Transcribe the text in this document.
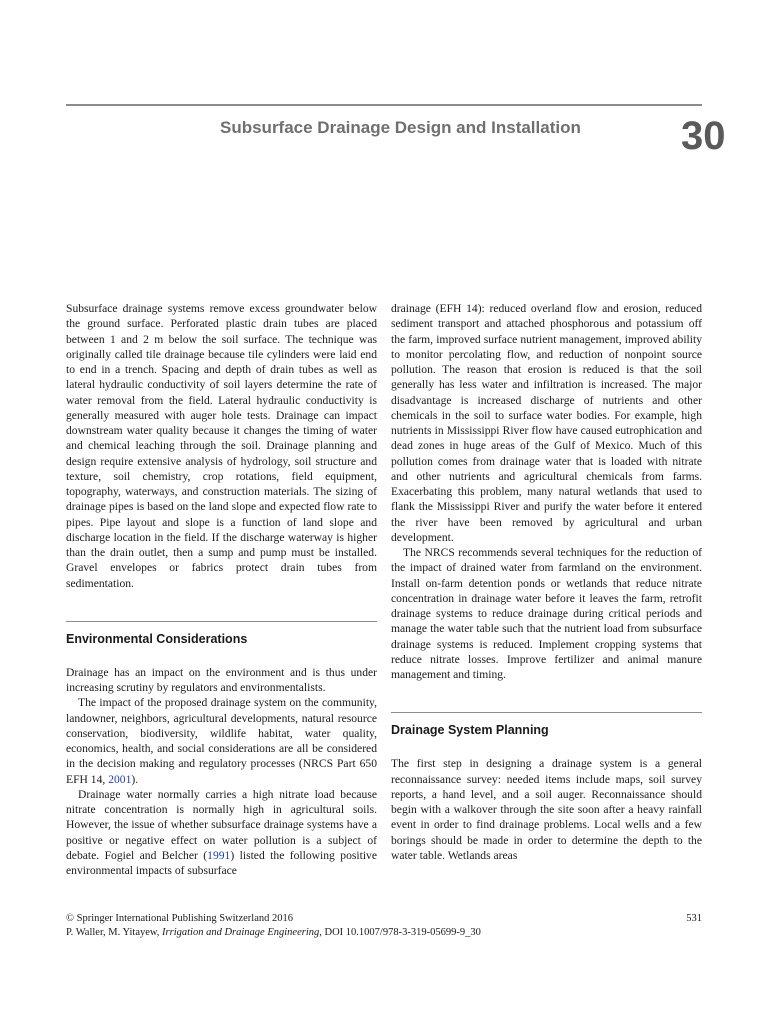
Subsurface Drainage Design and Installation	30

Subsurface drainage systems remove excess groundwater below the ground surface. Perforated plastic drain tubes are placed between 1 and 2 m below the soil surface. The technique was originally called tile drainage because tile cylinders were laid end to end in a trench. Spacing and depth of drain tubes as well as lateral hydraulic conductivity of soil layers determine the rate of water removal from the field. Lateral hydraulic conductivity is generally measured with auger hole tests. Drainage can impact downstream water quality because it changes the timing of water and chemical leaching through the soil. Drainage planning and design require extensive analysis of hydrology, soil structure and texture, soil chemistry, crop rotations, field equipment, topography, waterways, and construction materials. The sizing of drainage pipes is based on the land slope and expected flow rate to pipes. Pipe layout and slope is a function of land slope and discharge location in the field. If the discharge waterway is higher than the drain outlet, then a sump and pump must be installed. Gravel envelopes or fabrics protect drain tubes from sedimentation.

Environmental Considerations

Drainage has an impact on the environment and is thus under increasing scrutiny by regulators and environmentalists.

The impact of the proposed drainage system on the community, landowner, neighbors, agricultural developments, natural resource conservation, biodiversity, wildlife habitat, water quality, economics, health, and social considerations are all be considered in the decision making and regulatory processes (NRCS Part 650 EFH 14, 2001).

Drainage water normally carries a high nitrate load because nitrate concentration is normally high in agricultural soils. However, the issue of whether subsurface drainage systems have a positive or negative effect on water pollution is a subject of debate. Fogiel and Belcher (1991) listed the following positive environmental impacts of subsurface

drainage (EFH 14): reduced overland flow and erosion, reduced sediment transport and attached phosphorous and potassium off the farm, improved surface nutrient management, improved ability to monitor percolating flow, and reduction of nonpoint source pollution. The reason that erosion is reduced is that the soil generally has less water and infiltration is increased. The major disadvantage is increased discharge of nutrients and other chemicals in the soil to surface water bodies. For example, high nutrients in Mississippi River flow have caused eutrophication and dead zones in huge areas of the Gulf of Mexico. Much of this pollution comes from drainage water that is loaded with nitrate and other nutrients and agricultural chemicals from farms. Exacerbating this problem, many natural wetlands that used to flank the Mississippi River and purify the water before it entered the river have been removed by agricultural and urban development.

The NRCS recommends several techniques for the reduction of the impact of drained water from farmland on the environment. Install on-farm detention ponds or wetlands that reduce nitrate concentration in drainage water before it leaves the farm, retrofit drainage systems to reduce drainage during critical periods and manage the water table such that the nutrient load from subsurface drainage systems is reduced. Implement cropping systems that reduce nitrate losses. Improve fertilizer and animal manure management and timing.

Drainage System Planning

The first step in designing a drainage system is a general reconnaissance survey: needed items include maps, soil survey reports, a hand level, and a soil auger. Reconnaissance should begin with a walkover through the site soon after a heavy rainfall event in order to find drainage problems. Local wells and a few borings should be made in order to determine the depth to the water table. Wetlands areas

© Springer International Publishing Switzerland 2016
P. Waller, M. Yitayew, Irrigation and Drainage Engineering, DOI 10.1007/978-3-319-05699-9_30
531
